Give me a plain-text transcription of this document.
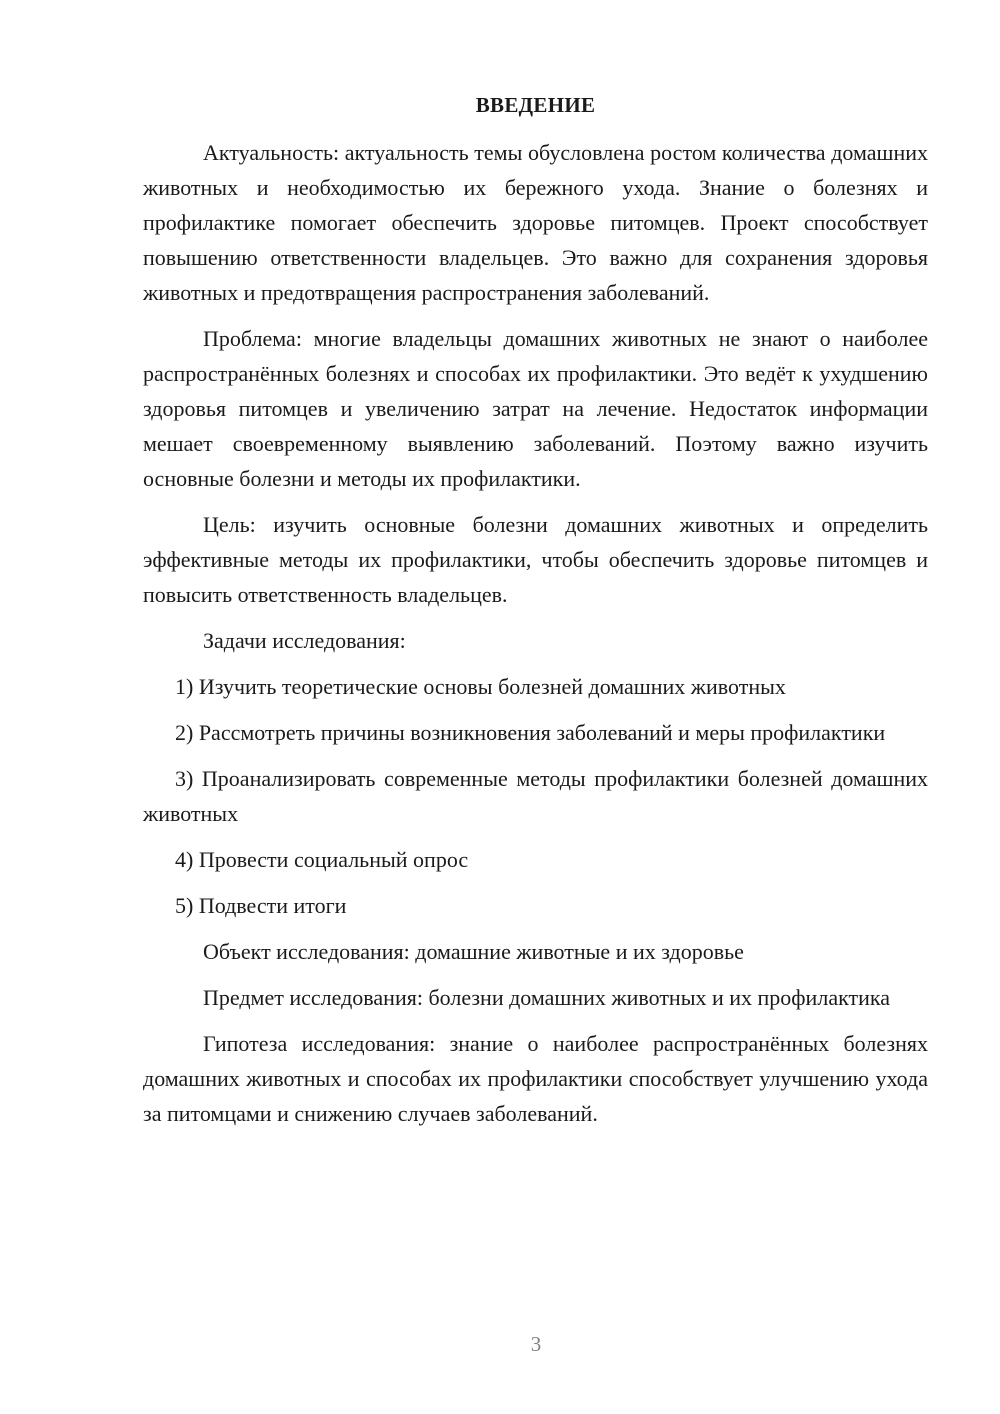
ВВЕДЕНИЕ

Актуальность: актуальность темы обусловлена ростом количества домашних животных и необходимостью их бережного ухода. Знание о болезнях и профилактике помогает обеспечить здоровье питомцев. Проект способствует повышению ответственности владельцев. Это важно для сохранения здоровья животных и предотвращения распространения заболеваний.

Проблема: многие владельцы домашних животных не знают о наиболее распространённых болезнях и способах их профилактики. Это ведёт к ухудшению здоровья питомцев и увеличению затрат на лечение. Недостаток информации мешает своевременному выявлению заболеваний. Поэтому важно изучить основные болезни и методы их профилактики.

Цель: изучить основные болезни домашних животных и определить эффективные методы их профилактики, чтобы обеспечить здоровье питомцев и повысить ответственность владельцев.

Задачи исследования:

1) Изучить теоретические основы болезней домашних животных

2) Рассмотреть причины возникновения заболеваний и меры профилактики

3) Проанализировать современные методы профилактики болезней домашних животных

4) Провести социальный опрос

5) Подвести итоги

Объект исследования: домашние животные и их здоровье

Предмет исследования: болезни домашних животных и их профилактика

Гипотеза исследования: знание о наиболее распространённых болезнях домашних животных и способах их профилактики способствует улучшению ухода за питомцами и снижению случаев заболеваний.

3
